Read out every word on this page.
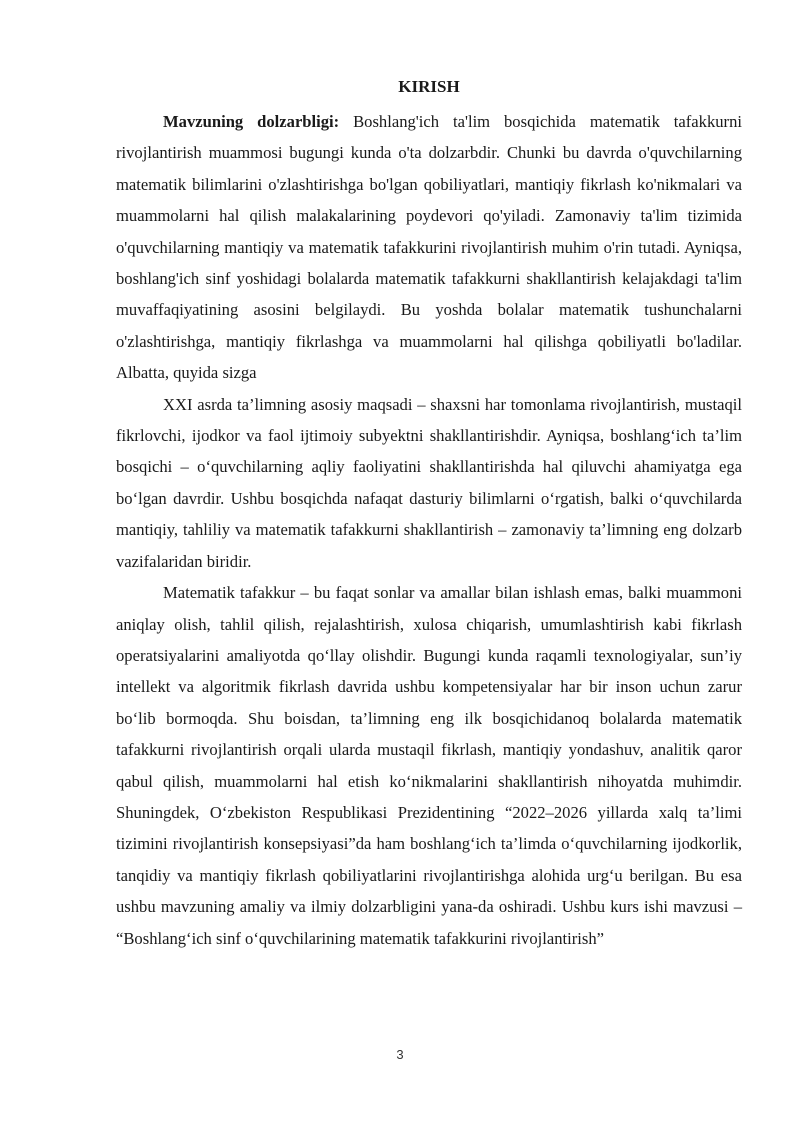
KIRISH

Mavzuning dolzarbligi: Boshlang'ich ta'lim bosqichida matematik tafakkurni rivojlantirish muammosi bugungi kunda o'ta dolzarbdir. Chunki bu davrda o'quvchilarning matematik bilimlarini o'zlashtirishga bo'lgan qobiliyatlari, mantiqiy fikrlash ko'nikmalari va muammolarni hal qilish malakalarining poydevori qo'yiladi. Zamonaviy ta'lim tizimida o'quvchilarning mantiqiy va matematik tafakkurini rivojlantirish muhim o'rin tutadi. Ayniqsa, boshlang'ich sinf yoshidagi bolalarda matematik tafakkurni shakllantirish kelajakdagi ta'lim muvaffaqiyatining asosini belgilaydi. Bu yoshda bolalar matematik tushunchalarni o'zlashtirishga, mantiqiy fikrlashga va muammolarni hal qilishga qobiliyatli bo'ladilar. Albatta, quyida sizga

XXI asrda ta’limning asosiy maqsadi – shaxsni har tomonlama rivojlantirish, mustaqil fikrlovchi, ijodkor va faol ijtimoiy subyektni shakllantirishdir. Ayniqsa, boshlang‘ich ta’lim bosqichi – o‘quvchilarning aqliy faoliyatini shakllantirishda hal qiluvchi ahamiyatga ega bo‘lgan davrdir. Ushbu bosqichda nafaqat dasturiy bilimlarni o‘rgatish, balki o‘quvchilarda mantiqiy, tahliliy va matematik tafakkurni shakllantirish – zamonaviy ta’limning eng dolzarb vazifalaridan biridir.

Matematik tafakkur – bu faqat sonlar va amallar bilan ishlash emas, balki muammoni aniqlay olish, tahlil qilish, rejalashtirish, xulosa chiqarish, umumlashtirish kabi fikrlash operatsiyalarini amaliyotda qo‘llay olishdir. Bugungi kunda raqamli texnologiyalar, sun’iy intellekt va algoritmik fikrlash davrida ushbu kompetensiyalar har bir inson uchun zarur bo‘lib bormoqda. Shu boisdan, ta’limning eng ilk bosqichidanoq bolalarda matematik tafakkurni rivojlantirish orqali ularda mustaqil fikrlash, mantiqiy yondashuv, analitik qaror qabul qilish, muammolarni hal etish ko‘nikmalarini shakllantirish nihoyatda muhimdir. Shuningdek, O‘zbekiston Respublikasi Prezidentining “2022–2026 yillarda xalq ta’limi tizimini rivojlantirish konsepsiyasi”da ham boshlang‘ich ta’limda o‘quvchilarning ijodkorlik, tanqidiy va mantiqiy fikrlash qobiliyatlarini rivojlantirishga alohida urg‘u berilgan. Bu esa ushbu mavzuning amaliy va ilmiy dolzarbligini yana-da oshiradi. Ushbu kurs ishi mavzusi – “Boshlang‘ich sinf o‘quvchilarining matematik tafakkurini rivojlantirish”

3
